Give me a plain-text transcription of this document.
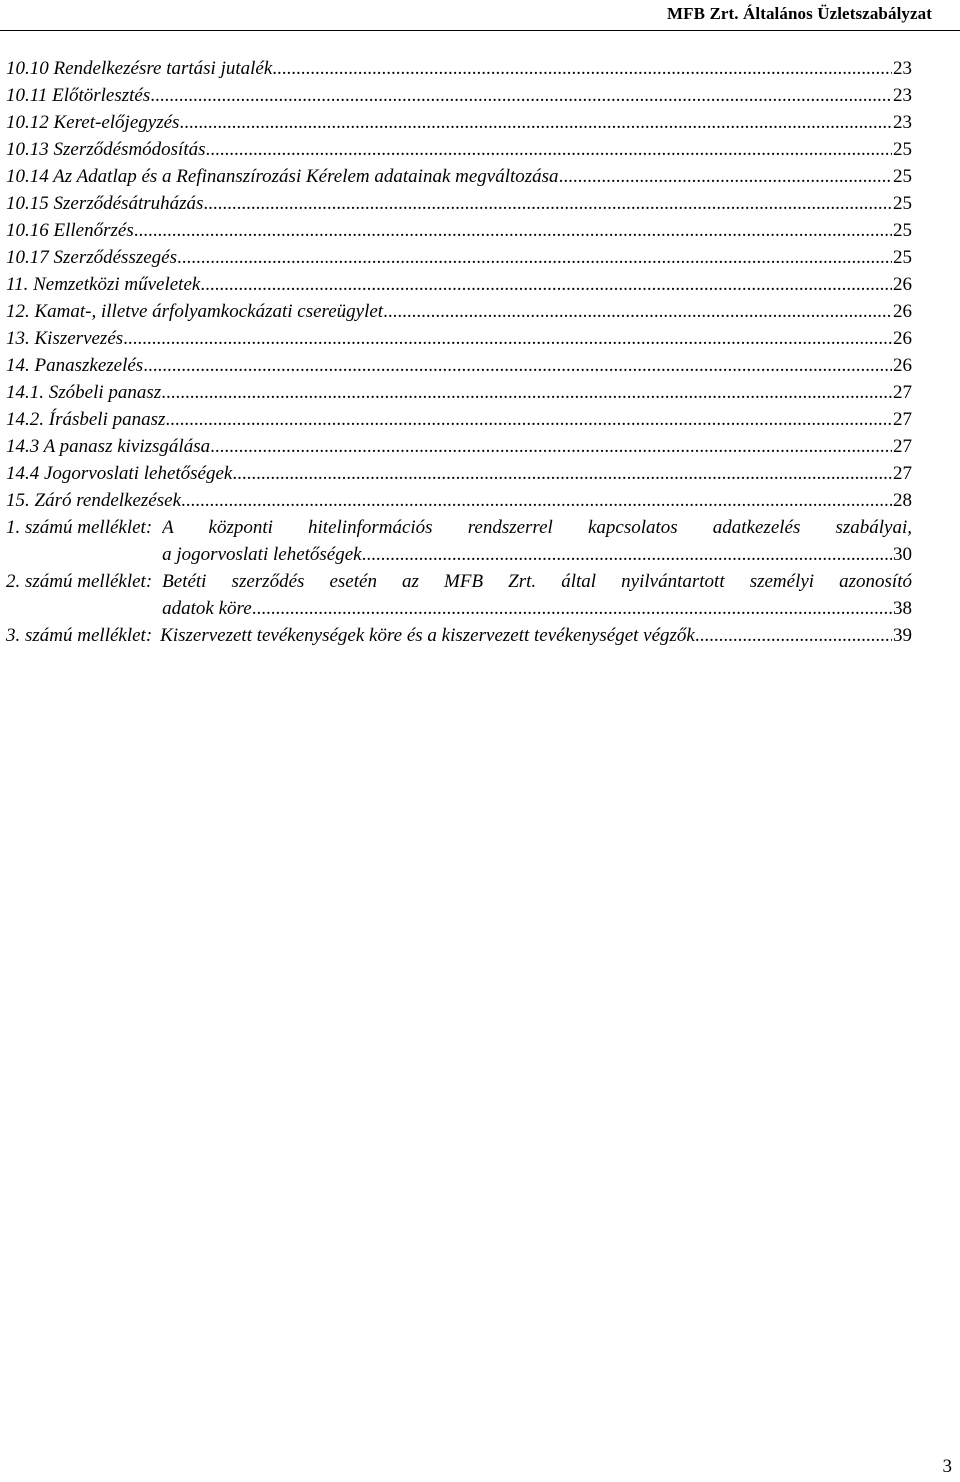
MFB Zrt. Általános Üzletszabályzat
10.10 Rendelkezésre tartási jutalék .....	23
10.11 Előtörlesztés .....	23
10.12 Keret-előjegyzés .....	23
10.13 Szerződésmódosítás .....	25
10.14 Az Adatlap és a Refinanszírozási Kérelem adatainak megváltozása .....	25
10.15 Szerződésátruházás .....	25
10.16 Ellenőrzés .....	25
10.17 Szerződésszegés .....	25
11. Nemzetközi műveletek .....	26
12. Kamat-, illetve árfolyamkockázati csereügylet .....	26
13. Kiszervezés .....	26
14. Panaszkezelés .....	26
14.1. Szóbeli panasz .....	27
14.2. Írásbeli panasz .....	27
14.3 A panasz kivizsgálása .....	27
14.4 Jogorvoslati lehetőségek .....	27
15. Záró rendelkezések .....	28
1. számú melléklet: A központi hitelinformációs rendszerrel kapcsolatos adatkezelés szabályai,
a jogorvoslati lehetőségek .....	30
2. számú melléklet: Betéti szerződés esetén az MFB Zrt. által nyilvántartott személyi azonosító
adatok köre .....	38
3. számú melléklet: Kiszervezett tevékenységek köre és a kiszervezett tevékenységet végzők .....	39
3
